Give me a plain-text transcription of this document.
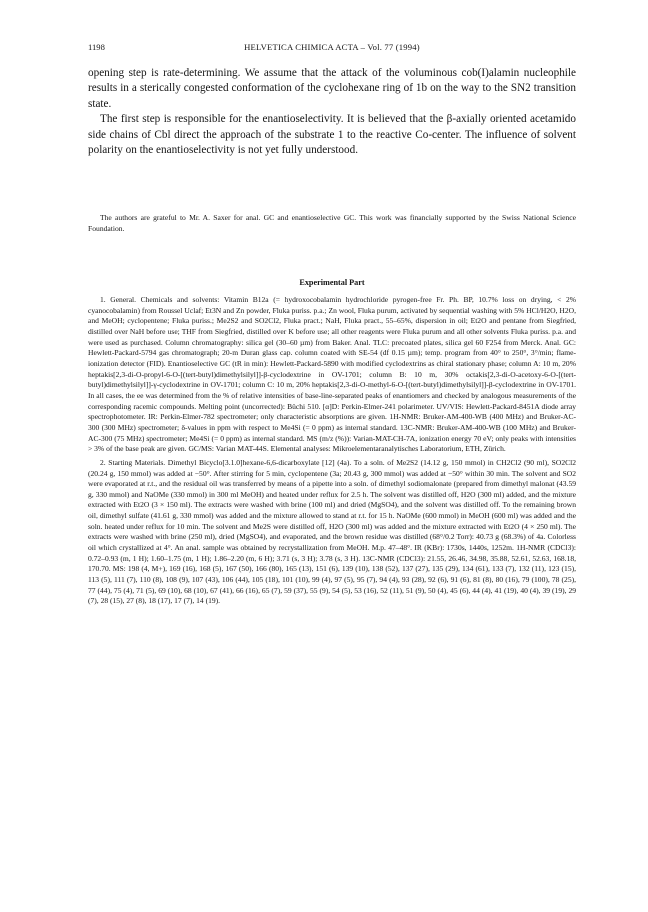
1198	HELVETICA CHIMICA ACTA – Vol. 77 (1994)

opening step is rate-determining. We assume that the attack of the voluminous cob(I)alamin nucleophile results in a sterically congested conformation of the cyclohexane ring of 1b on the way to the SN2 transition state.

The first step is responsible for the enantioselectivity. It is believed that the β-axially oriented acetamido side chains of Cbl direct the approach of the substrate 1 to the reactive Co-center. The influence of solvent polarity on the enantioselectivity is not yet fully understood.

The authors are grateful to Mr. A. Saxer for anal. GC and enantioselective GC. This work was financially supported by the Swiss National Science Foundation.

Experimental Part

1. General. Chemicals and solvents: Vitamin B12a (= hydroxocobalamin hydrochloride pyrogen-free Fr. Ph. BP, 10.7% loss on drying, < 2% cyanocobalamin) from Roussel Uclaf; Et3N and Zn powder, Fluka puriss. p.a.; Zn wool, Fluka purum, activated by sequential washing with 5% HCl/H2O, H2O, and MeOH; cyclopentene; Fluka puriss.; Me2S2 and SO2Cl2, Fluka pract.; NaH, Fluka pract., 55–65%, dispersion in oil; Et2O and pentane from Siegfried, distilled over NaH before use; THF from Siegfried, distilled over K before use; all other reagents were Fluka purum and all other solvents Fluka puriss. p.a. and were used as purchased. Column chromatography: silica gel (30–60 µm) from Baker. Anal. TLC: precoated plates, silica gel 60 F254 from Merck. Anal. GC: Hewlett-Packard-5794 gas chromatograph; 20-m Duran glass cap. column coated with SE-54 (df 0.15 µm); temp. program from 40° to 250°, 3°/min; flame-ionization detector (FID). Enantioselective GC (tR in min): Hewlett-Packard-5890 with modified cyclodextrins as chiral stationary phase; column A: 10 m, 20% heptakis[2,3-di-O-propyl-6-O-[(tert-butyl)dimethylsilyl]]-β-cyclodextrine in OV-1701; column B: 10 m, 30% octakis[2,3-di-O-acetoxy-6-O-[(tert-butyl)dimethylsilyl]]-γ-cyclodextrine in OV-1701; column C: 10 m, 20% heptakis[2,3-di-O-methyl-6-O-[(tert-butyl)dimethylsilyl]]-β-cyclodextrine in OV-1701. In all cases, the ee was determined from the % of relative intensities of base-line-separated peaks of enantiomers and checked by analogous measurements of the corresponding racemic compounds. Melting point (uncorrected): Büchi 510. [α]D: Perkin-Elmer-241 polarimeter. UV/VIS: Hewlett-Packard-8451A diode array spectrophotometer. IR: Perkin-Elmer-782 spectrometer; only characteristic absorptions are given. 1H-NMR: Bruker-AM-400-WB (400 MHz) and Bruker-AC-300 (300 MHz) spectrometer; δ-values in ppm with respect to Me4Si (= 0 ppm) as internal standard. 13C-NMR: Bruker-AM-400-WB (100 MHz) and Bruker-AC-300 (75 MHz) spectrometer; Me4Si (= 0 ppm) as internal standard. MS (m/z (%)): Varian-MAT-CH-7A, ionization energy 70 eV; only peaks with intensities > 3% of the base peak are given. GC/MS: Varian MAT-44S. Elemental analyses: Mikroelementaranalytisches Laboratorium, ETH, Zürich.

2. Starting Materials. Dimethyl Bicyclo[3.1.0]hexane-6,6-dicarboxylate [12] (4a). To a soln. of Me2S2 (14.12 g, 150 mmol) in CH2Cl2 (90 ml), SO2Cl2 (20.24 g, 150 mmol) was added at −50°. After stirring for 5 min, cyclopentene (3a; 20.43 g, 300 mmol) was added at −50° within 30 min. The solvent and SO2 were evaporated at r.t., and the residual oil was transferred by means of a pipette into a soln. of dimethyl sodiomalonate (prepared from dimethyl malonat (43.59 g, 330 mmol) and NaOMe (330 mmol) in 300 ml MeOH) and heated under reflux for 2.5 h. The solvent was distilled off, H2O (300 ml) added, and the mixture extracted with Et2O (3 × 150 ml). The extracts were washed with brine (100 ml) and dried (MgSO4), and the solvent was distilled off. To the remaining brown oil, dimethyl sulfate (41.61 g, 330 mmol) was added and the mixture allowed to stand at r.t. for 15 h. NaOMe (600 mmol) in MeOH (600 ml) was added and the soln. heated under reflux for 10 min. The solvent and Me2S were distilled off, H2O (300 ml) was added and the mixture extracted with Et2O (4 × 250 ml). The extracts were washed with brine (250 ml), dried (MgSO4), and evaporated, and the brown residue was distilled (68°/0.2 Torr): 40.73 g (68.3%) of 4a. Colorless oil which crystallized at 4°. An anal. sample was obtained by recrystallization from MeOH. M.p. 47–48°. IR (KBr): 1730s, 1440s, 1252m. 1H-NMR (CDCl3): 0.72–0.93 (m, 1 H); 1.60–1.75 (m, 1 H); 1.86–2.20 (m, 6 H); 3.71 (s, 3 H); 3.78 (s, 3 H). 13C-NMR (CDCl3): 21.55, 26.46, 34.98, 35.88, 52.61, 52.63, 168.18, 170.70. MS: 198 (4, M+), 169 (16), 168 (5), 167 (50), 166 (80), 165 (13), 151 (6), 139 (10), 138 (52), 137 (27), 135 (29), 134 (61), 133 (7), 132 (11), 123 (15), 113 (5), 111 (7), 110 (8), 108 (9), 107 (43), 106 (44), 105 (18), 101 (10), 99 (4), 97 (5), 95 (7), 94 (4), 93 (28), 92 (6), 91 (6), 81 (8), 80 (16), 79 (100), 78 (25), 77 (44), 75 (4), 71 (5), 69 (10), 68 (10), 67 (41), 66 (16), 65 (7), 59 (37), 55 (9), 54 (5), 53 (16), 52 (11), 51 (9), 50 (4), 45 (6), 44 (4), 41 (19), 40 (4), 39 (19), 29 (7), 28 (15), 27 (8), 18 (17), 17 (7), 14 (19).
